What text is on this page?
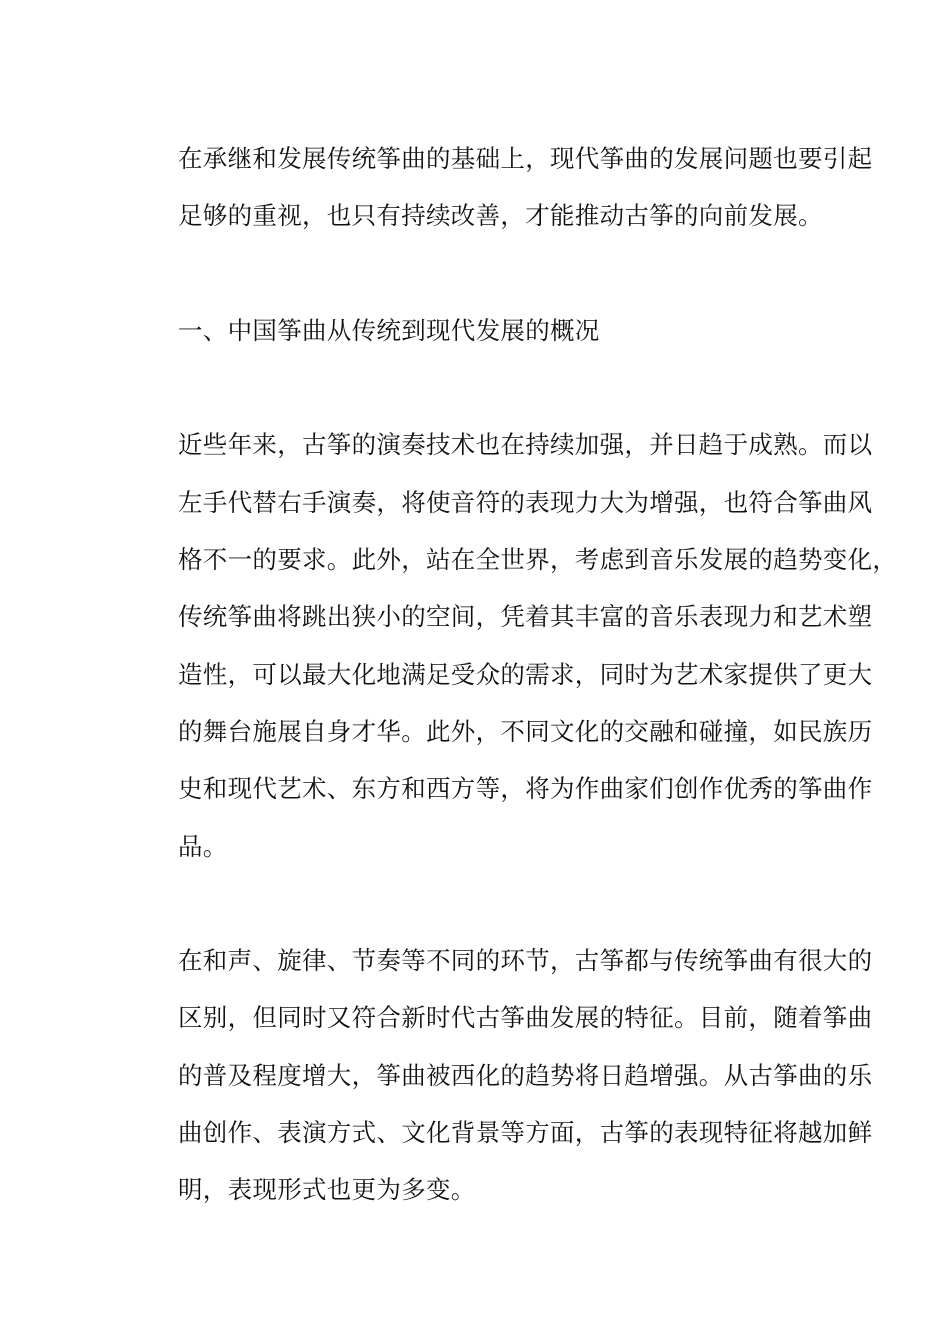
在承继和发展传统筝曲的基础上，现代筝曲的发展问题也要引起
足够的重视，也只有持续改善，才能推动古筝的向前发展。

一、中国筝曲从传统到现代发展的概况

近些年来，古筝的演奏技术也在持续加强，并日趋于成熟。而以
左手代替右手演奏，将使音符的表现力大为增强，也符合筝曲风
格不一的要求。此外，站在全世界，考虑到音乐发展的趋势变化，
传统筝曲将跳出狭小的空间，凭着其丰富的音乐表现力和艺术塑
造性，可以最大化地满足受众的需求，同时为艺术家提供了更大
的舞台施展自身才华。此外，不同文化的交融和碰撞，如民族历
史和现代艺术、东方和西方等，将为作曲家们创作优秀的筝曲作
品。

在和声、旋律、节奏等不同的环节，古筝都与传统筝曲有很大的
区别，但同时又符合新时代古筝曲发展的特征。目前，随着筝曲
的普及程度增大，筝曲被西化的趋势将日趋增强。从古筝曲的乐
曲创作、表演方式、文化背景等方面，古筝的表现特征将越加鲜
明，表现形式也更为多变。
